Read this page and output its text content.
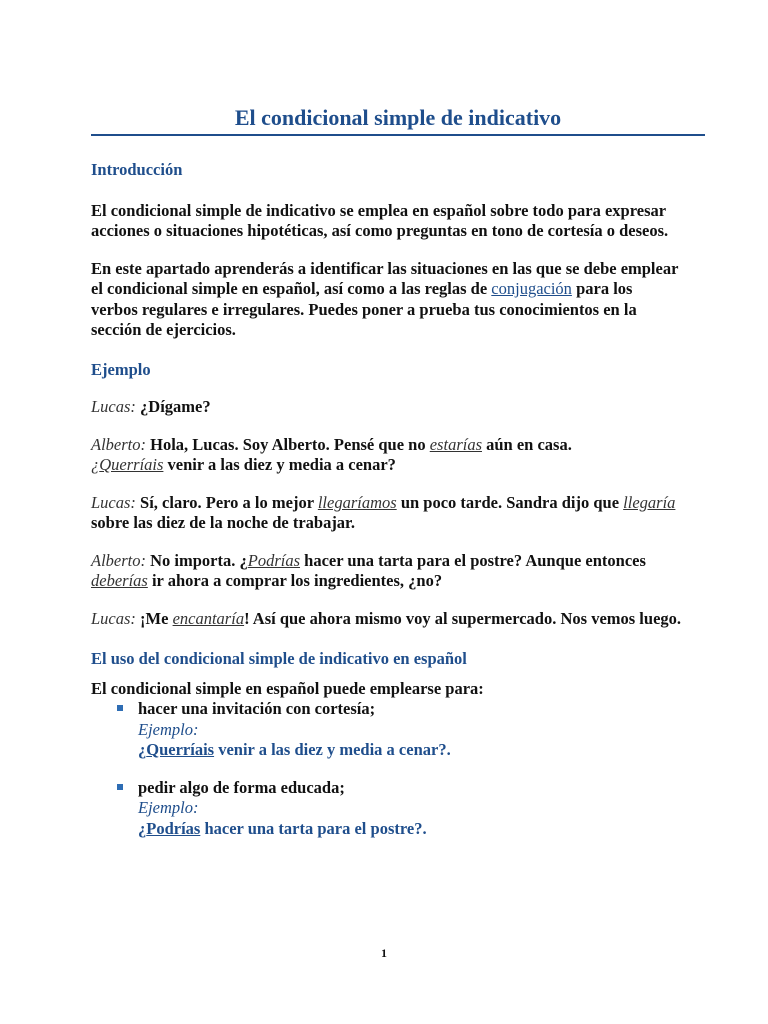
El condicional simple de indicativo
Introducción

El condicional simple de indicativo se emplea en español sobre todo para expresar acciones o situaciones hipotéticas, así como preguntas en tono de cortesía o deseos.

En este apartado aprenderás a identificar las situaciones en las que se debe emplear el condicional simple en español, así como a las reglas de conjugación para los verbos regulares e irregulares. Puedes poner a prueba tus conocimientos en la sección de ejercicios.

Ejemplo

Lucas: ¿Dígame?

Alberto: Hola, Lucas. Soy Alberto. Pensé que no estarías aún en casa.
¿Querríais venir a las diez y media a cenar?

Lucas: Sí, claro. Pero a lo mejor llegaríamos un poco tarde. Sandra dijo que llegaría sobre las diez de la noche de trabajar.

Alberto: No importa. ¿Podrías hacer una tarta para el postre? Aunque entonces deberías ir ahora a comprar los ingredientes, ¿no?

Lucas: ¡Me encantaría! Así que ahora mismo voy al supermercado. Nos vemos luego.

El uso del condicional simple de indicativo en español

El condicional simple en español puede emplearse para:

hacer una invitación con cortesía;
Ejemplo:
¿Querríais venir a las diez y media a cenar?.
pedir algo de forma educada;
Ejemplo:
¿Podrías hacer una tarta para el postre?.
1
